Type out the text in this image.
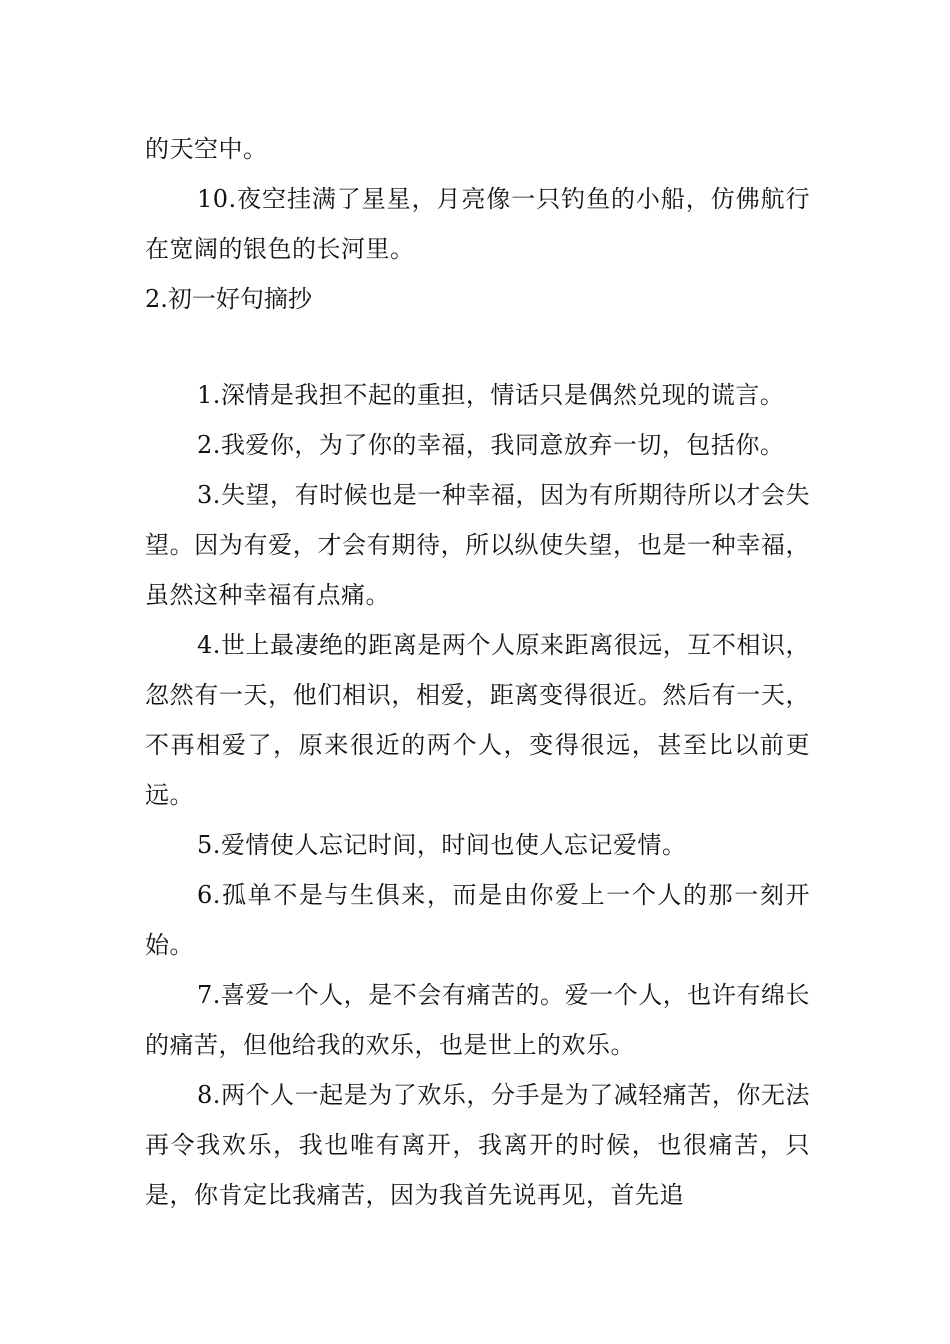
的天空中。

10.夜空挂满了星星，月亮像一只钓鱼的小船，仿佛航行在宽阔的银色的长河里。

2.初一好句摘抄

1.深情是我担不起的重担，情话只是偶然兑现的谎言。

2.我爱你，为了你的幸福，我同意放弃一切，包括你。

3.失望，有时候也是一种幸福，因为有所期待所以才会失望。因为有爱，才会有期待，所以纵使失望，也是一种幸福，虽然这种幸福有点痛。

4.世上最凄绝的距离是两个人原来距离很远，互不相识，忽然有一天，他们相识，相爱，距离变得很近。然后有一天，不再相爱了，原来很近的两个人，变得很远，甚至比以前更远。

5.爱情使人忘记时间，时间也使人忘记爱情。

6.孤单不是与生俱来，而是由你爱上一个人的那一刻开始。

7.喜爱一个人，是不会有痛苦的。爱一个人，也许有绵长的痛苦，但他给我的欢乐，也是世上的欢乐。

8.两个人一起是为了欢乐，分手是为了减轻痛苦，你无法再令我欢乐，我也唯有离开，我离开的时候，也很痛苦，只是，你肯定比我痛苦，因为我首先说再见，首先追
